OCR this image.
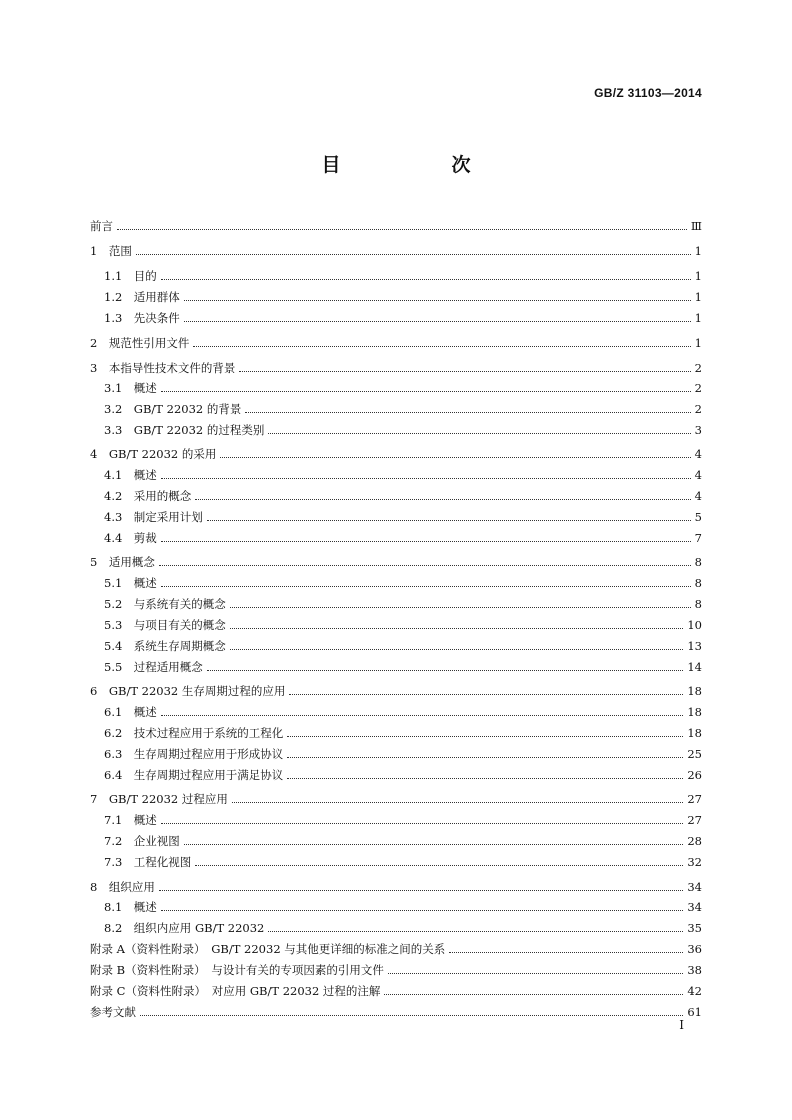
GB/Z 31103—2014
目　次
前言	Ⅲ
1　 范围	1
1.1　 目的	1
1.2　 适用群体	1
1.3　 先决条件	1
2　 规范性引用文件	1
3　 本指导性技术文件的背景	2
3.1　 概述	2
3.2　 GB/T 22032 的背景	2
3.3　 GB/T 22032 的过程类别	3
4　 GB/T 22032 的采用	4
4.1　 概述	4
4.2　 采用的概念	4
4.3　 制定采用计划	5
4.4　 剪裁	7
5　 适用概念	8
5.1　 概述	8
5.2　 与系统有关的概念	8
5.3　 与项目有关的概念	10
5.4　 系统生存周期概念	13
5.5　 过程适用概念	14
6　 GB/T 22032 生存周期过程的应用	18
6.1　 概述	18
6.2　 技术过程应用于系统的工程化	18
6.3　 生存周期过程应用于形成协议	25
6.4　 生存周期过程应用于满足协议	26
7　 GB/T 22032 过程应用	27
7.1　 概述	27
7.2　 企业视图	28
7.3　 工程化视图	32
8　 组织应用	34
8.1　 概述	34
8.2　 组织内应用 GB/T 22032	35
附录 A（资料性附录）　GB/T 22032 与其他更详细的标准之间的关系	36
附录 B（资料性附录）　与设计有关的专项因素的引用文件	38
附录 C（资料性附录）　对应用 GB/T 22032 过程的注解	42
参考文献	61
I
